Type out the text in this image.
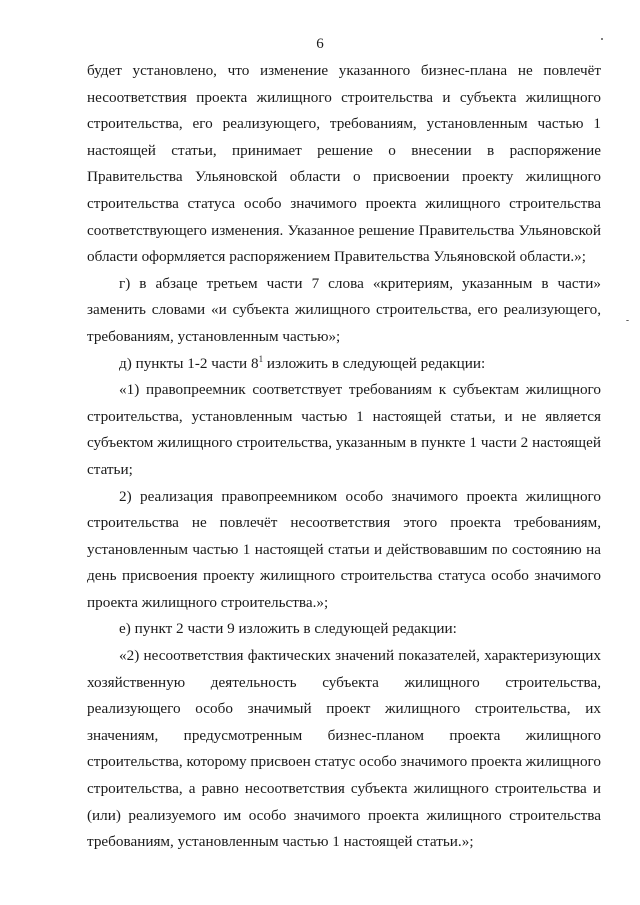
6

будет установлено, что изменение указанного бизнес-плана не повлечёт несоответствия проекта жилищного строительства и субъекта жилищного строительства, его реализующего, требованиям, установленным частью 1 настоящей статьи, принимает решение о внесении в распоряжение Правительства Ульяновской области о присвоении проекту жилищного строительства статуса особо значимого проекта жилищного строительства соответствующего изменения. Указанное решение Правительства Ульяновской области оформляется распоряжением Правительства Ульяновской области.»;

г) в абзаце третьем части 7 слова «критериям, указанным в части» заменить словами «и субъекта жилищного строительства, его реализующего, требованиям, установленным частью»;

д) пункты 1-2 части $8^1$ изложить в следующей редакции:

«1) правопреемник соответствует требованиям к субъектам жилищного строительства, установленным частью 1 настоящей статьи, и не является субъектом жилищного строительства, указанным в пункте 1 части 2 настоящей статьи;

2) реализация правопреемником особо значимого проекта жилищного строительства не повлечёт несоответствия этого проекта требованиям, установленным частью 1 настоящей статьи и действовавшим по состоянию на день присвоения проекту жилищного строительства статуса особо значимого проекта жилищного строительства.»;

е) пункт 2 части 9 изложить в следующей редакции:

«2) несоответствия фактических значений показателей, характеризующих хозяйственную деятельность субъекта жилищного строительства, реализующего особо значимый проект жилищного строительства, их значениям, предусмотренным бизнес-планом проекта жилищного строительства, которому присвоен статус особо значимого проекта жилищного строительства, а равно несоответствия субъекта жилищного строительства и (или) реализуемого им особо значимого проекта жилищного строительства требованиям, установленным частью 1 настоящей статьи.»;
